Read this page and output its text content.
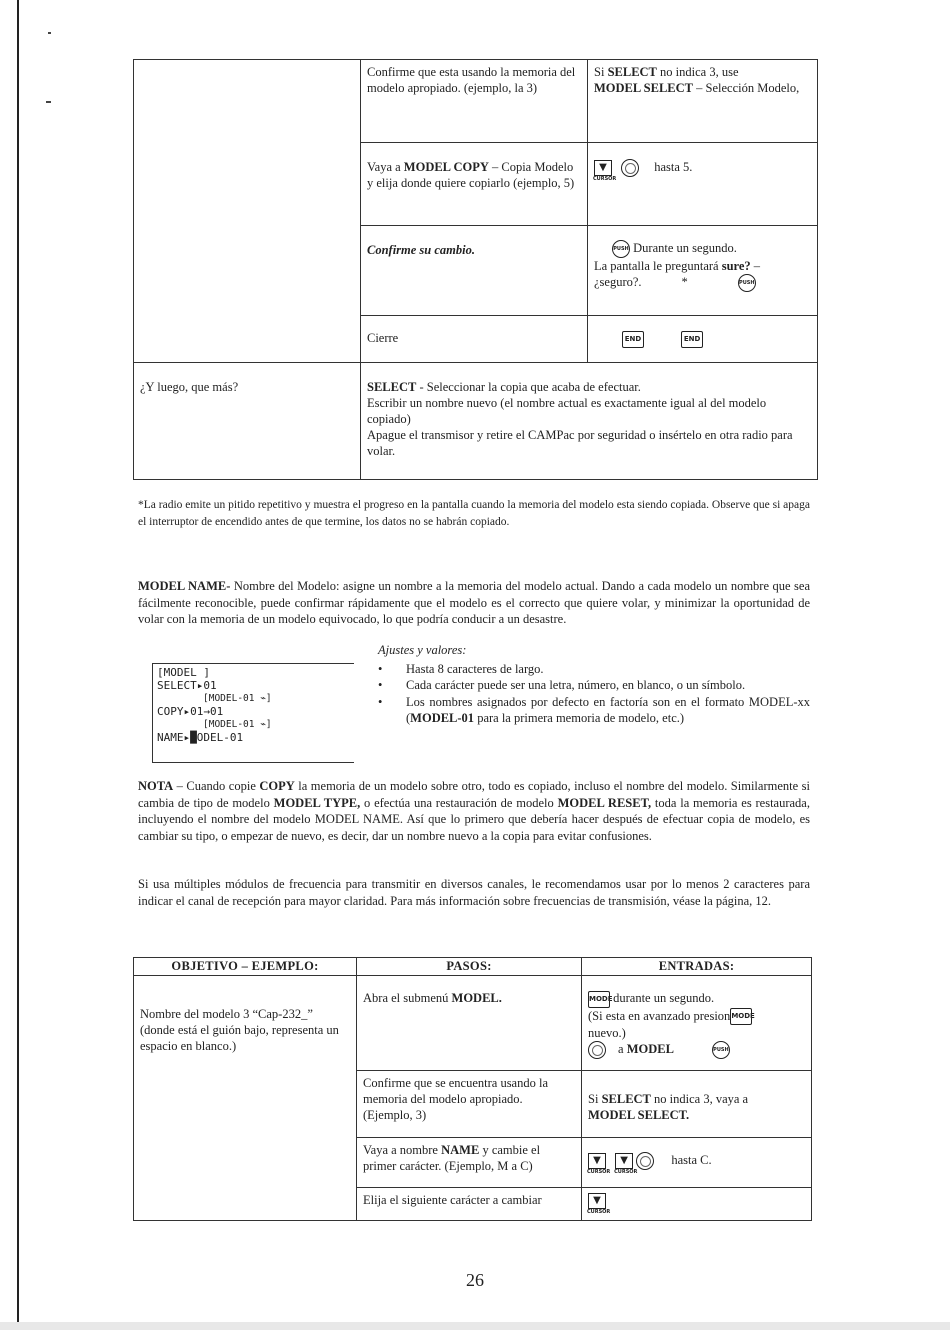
	Confirme que esta usando la memoria del modelo apropiado. (ejemplo, la 3)	Si SELECT no indica 3, use
MODEL SELECT – Selección Modelo,
	Vaya a MODEL COPY – Copia Modelo y elija donde quiere copiarlo (ejemplo, 5)	▼
CURSOR
hasta 5.
	Confirme su cambio.	PUSH Durante un segundo.
La pantalla le preguntará sure? –
¿seguro?. * PUSH
	Cierre	END END
¿Y luego, que más?	SELECT - Seleccionar la copia que acaba de efectuar.
Escribir un nombre nuevo (el nombre actual es exactamente igual al del modelo copiado)
Apague el transmisor y retire el CAMPac por seguridad o insértelo en otra radio para volar.	
*La radio emite un pitido repetitivo y muestra el progreso en la pantalla cuando la memoria del modelo esta siendo copiada. Observe que si apaga el interruptor de encendido antes de que termine, los datos no se habrán copiado.
MODEL NAME- Nombre del Modelo: asigne un nombre a la memoria del modelo actual. Dando a cada modelo un nombre que sea fácilmente reconocible, puede confirmar rápidamente que el modelo es el correcto que quiere volar, y minimizar la oportunidad de volar con la memoria de un modelo equivocado, lo que podría conducir a un desastre.
[MODEL ]
SELECT▸01
[MODEL-01 ⌁]
COPY▸01→01
[MODEL-01 ⌁]
NAME▸█ODEL-01
Ajustes y valores:
• Hasta 8 caracteres de largo.
• Cada carácter puede ser una letra, número, en blanco, o un símbolo.
• Los nombres asignados por defecto en factoría son en el formato MODEL-xx (MODEL-01 para la primera memoria de modelo, etc.)
NOTA – Cuando copie COPY la memoria de un modelo sobre otro, todo es copiado, incluso el nombre del modelo. Similarmente si cambia de tipo de modelo MODEL TYPE, o efectúa una restauración de modelo MODEL RESET, toda la memoria es restaurada, incluyendo el nombre del modelo MODEL NAME. Así que lo primero que debería hacer después de efectuar copia de modelo, es cambiar su tipo, o empezar de nuevo, es decir, dar un nombre nuevo a la copia para evitar confusiones.
Si usa múltiples módulos de frecuencia para transmitir en diversos canales, le recomendamos usar por lo menos 2 caracteres para indicar el canal de recepción para mayor claridad. Para más información sobre frecuencias de transmisión, véase la página, 12.
OBJETIVO – EJEMPLO:	PASOS:	ENTRADAS:
Nombre del modelo 3 “Cap-232_” (donde está el guión bajo, representa un espacio en blanco.)	Abra el submenú MODEL.	MODE durante un segundo.
(Si esta en avanzado presionMODE
nuevo.)
a MODEL PUSH
	Confirme que se encuentra usando la memoria del modelo apropiado. (Ejemplo, 3)	Si SELECT no indica 3, vaya a
MODEL SELECT.
	Vaya a nombre NAME y cambie el primer carácter. (Ejemplo, M a C)	▼
CURSOR
▼
CURSOR
hasta C.
	Elija el siguiente carácter a cambiar	▼
CURSOR
26
